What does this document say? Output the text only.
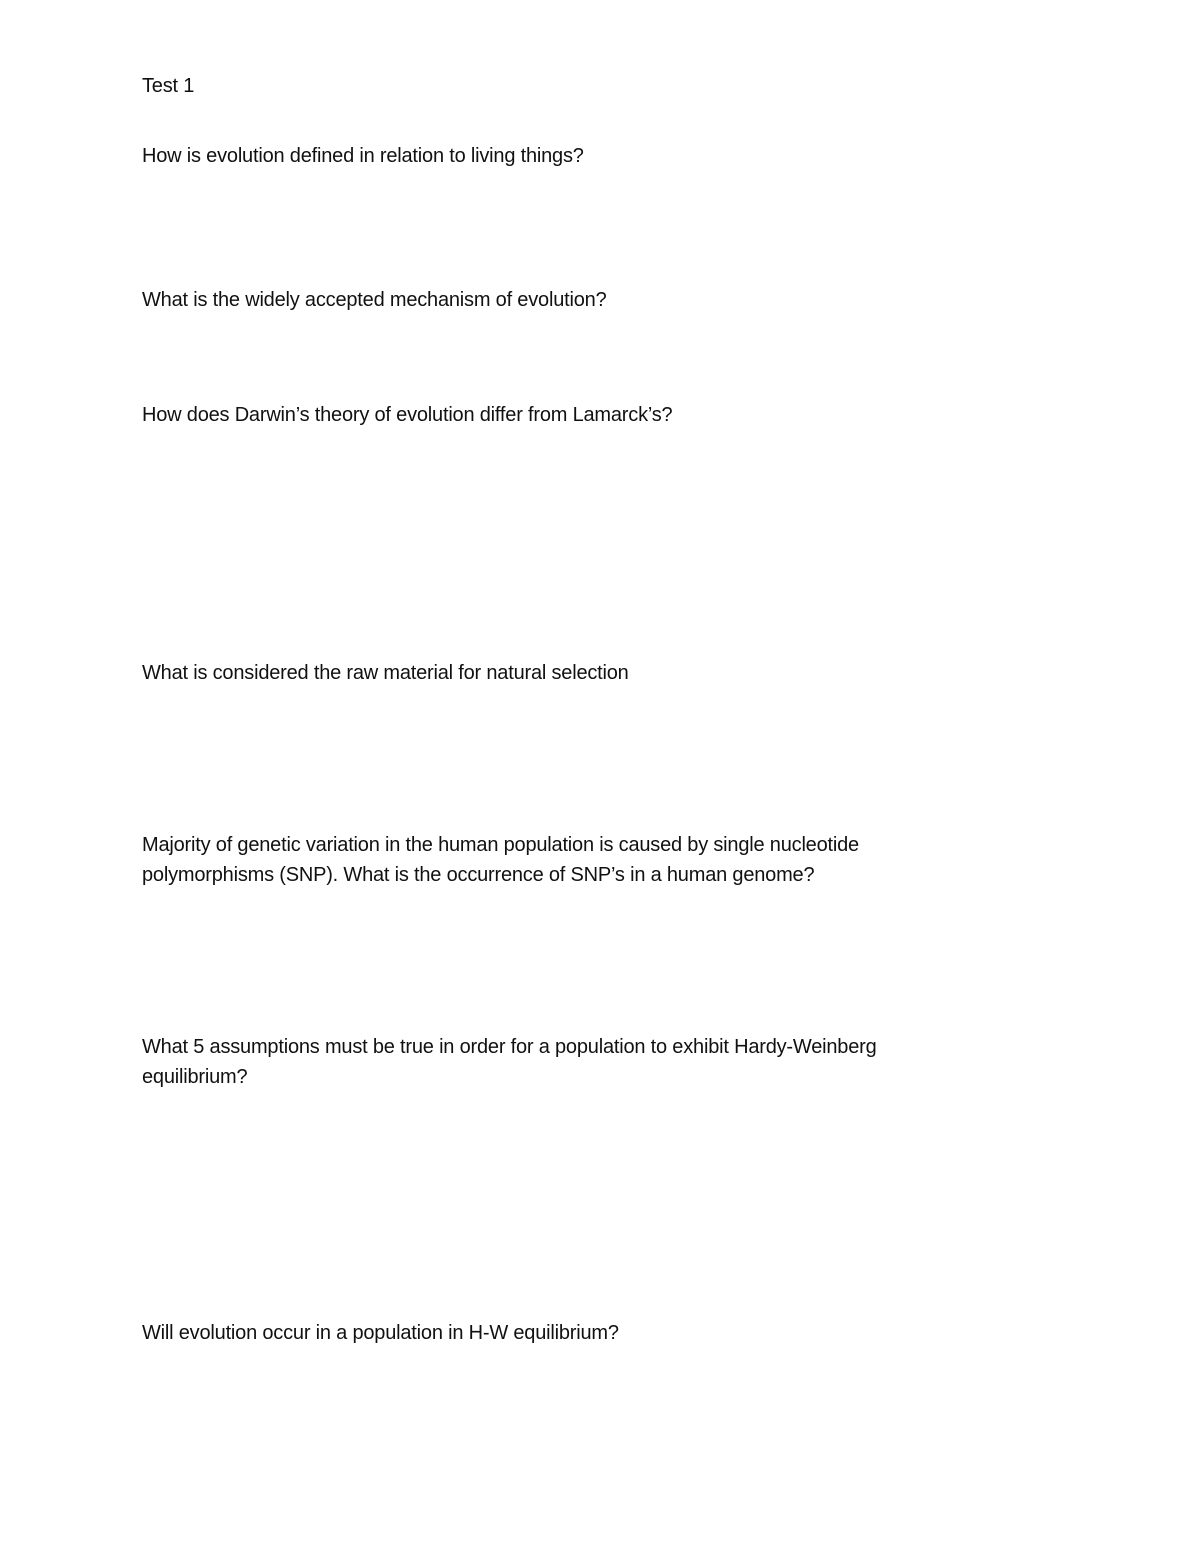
Test 1
How is evolution defined in relation to living things?
What is the widely accepted mechanism of evolution?
How does Darwin’s theory of evolution differ from Lamarck’s?
What is considered the raw material for natural selection
Majority of genetic variation in the human population is caused by single nucleotide
polymorphisms (SNP). What is the occurrence of SNP’s in a human genome?
What 5 assumptions must be true in order for a population to exhibit Hardy-Weinberg
equilibrium?
Will evolution occur in a population in H-W equilibrium?
